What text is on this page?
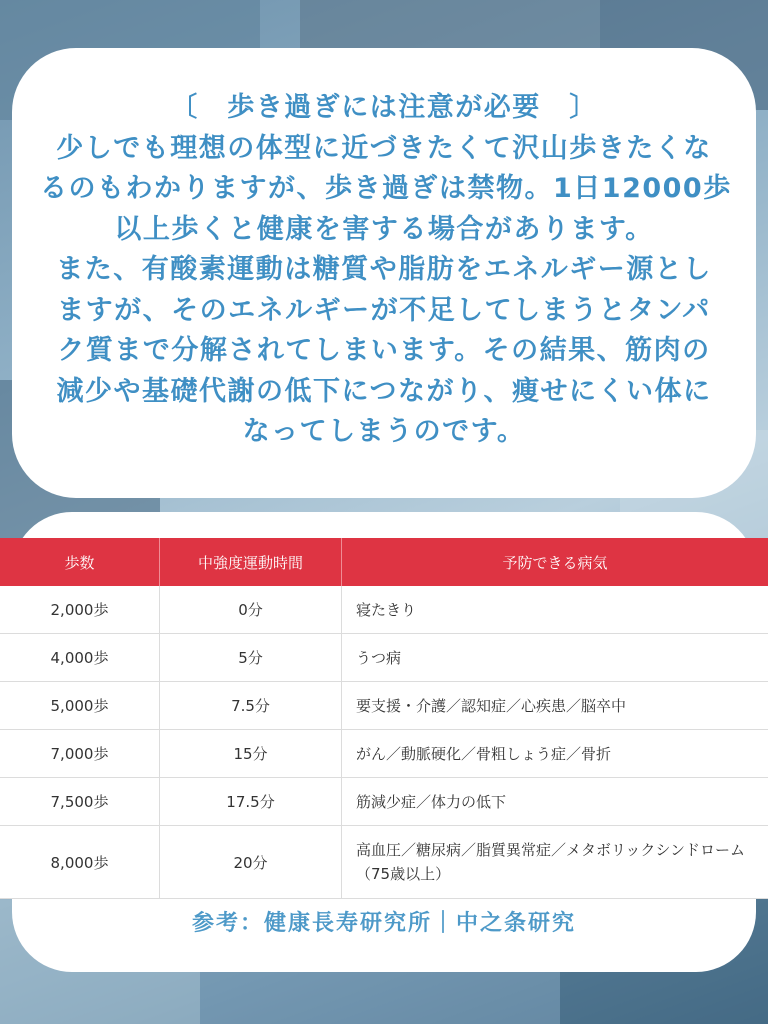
〔　歩き過ぎには注意が必要　〕
少しでも理想の体型に近づきたくて沢山歩きたくな
るのもわかりますが、歩き過ぎは禁物。1日12000歩
以上歩くと健康を害する場合があります。
また、有酸素運動は糖質や脂肪をエネルギー源とし
ますが、そのエネルギーが不足してしまうとタンパ
ク質まで分解されてしまいます。その結果、筋肉の
減少や基礎代謝の低下につながり、痩せにくい体に
なってしまうのです。
歩数	中強度運動時間	予防できる病気
2,000歩	0分	寝たきり
4,000歩	5分	うつ病
5,000歩	7.5分	要支援・介護／認知症／心疾患／脳卒中
7,000歩	15分	がん／動脈硬化／骨粗しょう症／骨折
7,500歩	17.5分	筋減少症／体力の低下
8,000歩	20分	高血圧／糖尿病／脂質異常症／メタボリックシンドローム（75歳以上）
参考：健康長寿研究所｜中之条研究
